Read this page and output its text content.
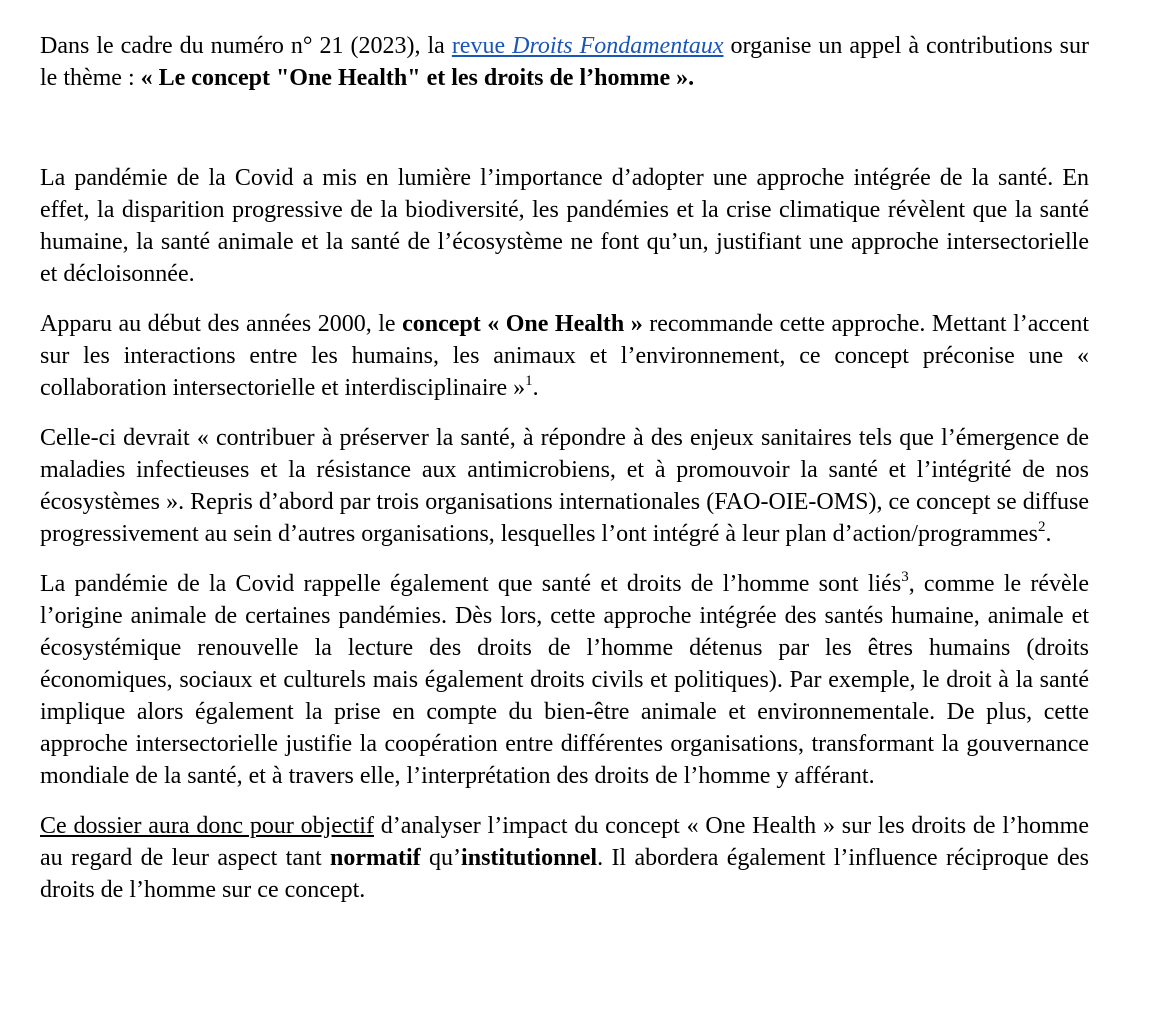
Dans le cadre du numéro n° 21 (2023), la revue Droits Fondamentaux organise un appel à contributions sur le thème : « Le concept "One Health" et les droits de l’homme ».

La pandémie de la Covid a mis en lumière l’importance d’adopter une approche intégrée de la santé. En effet, la disparition progressive de la biodiversité, les pandémies et la crise climatique révèlent que la santé humaine, la santé animale et la santé de l’écosystème ne font qu’un, justifiant une approche intersectorielle et décloisonnée.

Apparu au début des années 2000, le concept « One Health » recommande cette approche. Mettant l’accent sur les interactions entre les humains, les animaux et l’environnement, ce concept préconise une « collaboration intersectorielle et interdisciplinaire »$^1$.

Celle-ci devrait « contribuer à préserver la santé, à répondre à des enjeux sanitaires tels que l’émergence de maladies infectieuses et la résistance aux antimicrobiens, et à promouvoir la santé et l’intégrité de nos écosystèmes ». Repris d’abord par trois organisations internationales (FAO-OIE-OMS), ce concept se diffuse progressivement au sein d’autres organisations, lesquelles l’ont intégré à leur plan d’action/programmes$^2$.

La pandémie de la Covid rappelle également que santé et droits de l’homme sont liés$^3$, comme le révèle l’origine animale de certaines pandémies. Dès lors, cette approche intégrée des santés humaine, animale et écosystémique renouvelle la lecture des droits de l’homme détenus par les êtres humains (droits économiques, sociaux et culturels mais également droits civils et politiques). Par exemple, le droit à la santé implique alors également la prise en compte du bien-être animale et environnementale. De plus, cette approche intersectorielle justifie la coopération entre différentes organisations, transformant la gouvernance mondiale de la santé, et à travers elle, l’interprétation des droits de l’homme y afférant.

Ce dossier aura donc pour objectif d’analyser l’impact du concept « One Health » sur les droits de l’homme au regard de leur aspect tant normatif qu’institutionnel. Il abordera également l’influence réciproque des droits de l’homme sur ce concept.
